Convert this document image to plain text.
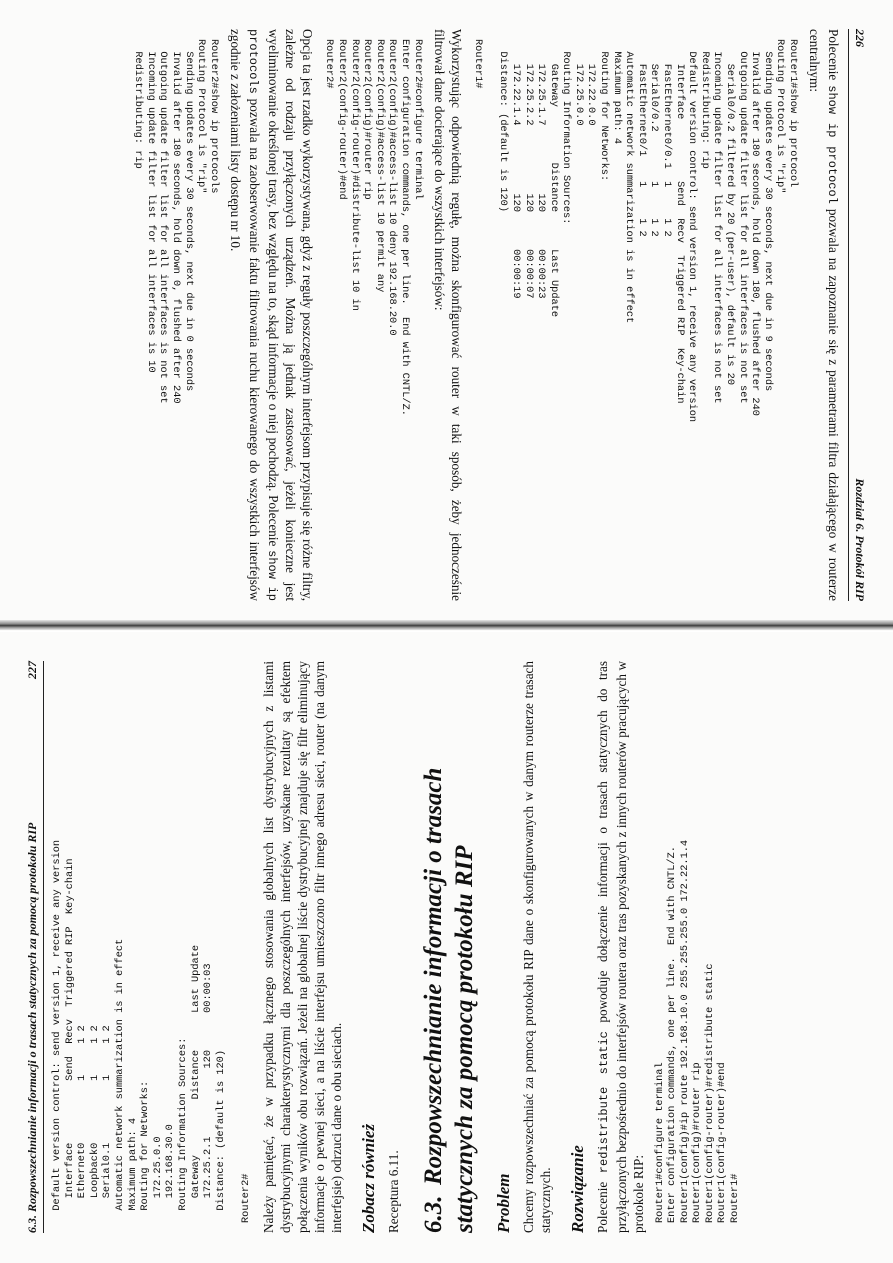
226
Rozdział 6. Protokół RIP

Polecenie show ip protocol pozwala na zapoznanie się z parametrami filtra działającego w routerze centralnym:

Router1#show ip protocol
Routing Protocol is "rip"
Sending updates every 30 seconds, next due in 9 seconds
Invalid after 180 seconds, hold down 180, flushed after 240
Outgoing update filter list for all interfaces is not set
Serial0/0.2 filtered by 20 (per-user), default is 20
Incoming update filter list for all interfaces is not set
Redistributing: rip
Default version control: send version 1, receive any version
Interface          Send  Recv  Triggered RIP  Key-chain
FastEthernet0/0.1  1     1 2
Serial0/0.2        1     1 2
FastEthernet0/1    1     1 2
Automatic network summarization is in effect
Maximum path: 4
Routing for Networks:
172.22.0.0
172.25.0.0
Routing Information Sources:
Gateway         Distance      Last Update
172.25.1.7           120      00:00:23
172.25.2.2           120      00:00:07
172.22.1.4           120      00:00:19
Distance: (default is 120)

Router1#

Wykorzystując odpowiednią regułę, można skonfigurować router w taki sposób, żeby jednocześnie filtrował dane docierające do wszystkich interfejsów:

Router2#configure terminal
Enter configuration commands, one per line.  End with CNTL/Z.
Router2(config)#access-list 10 deny 192.168.20.0
Router2(config)#access-list 10 permit any
Router2(config)#router rip
Router2(config-router)#distribute-list 10 in
Router2(config-router)#end
Router2#

Opcja ta jest rzadko wykorzystywana, gdyż z reguły poszczególnym interfejsom przypisuje się różne filtry, zależne od rodzaju przyłączonych urządzeń. Można ją jednak zastosować, jeżeli konieczne jest wyeliminowanie określonej trasy, bez względu na to, skąd informacje o niej pochodzą. Polecenie show ip protocols pozwala na zaobserwowanie faktu filtrowania ruchu kierowanego do wszystkich interfejsów zgodnie z założeniami listy dostępu nr 10.

Router2#show ip protocols
Routing Protocol is "rip"
Sending updates every 30 seconds, next due in 0 seconds
Invalid after 180 seconds, hold down 0, flushed after 240
Outgoing update filter list for all interfaces is not set
Incoming update filter list for all interfaces is 10
Redistributing: rip
6.3. Rozpowszechnianie informacji o trasach statycznych za pomocą protokołu RIP
227
Default version control: send version 1, receive any version
Interface          Send  Recv  Triggered RIP  Key-chain
Ethernet0          1     1 2
Loopback0          1     1 2
Serial0.1          1     1 2
Automatic network summarization is in effect
Maximum path: 4
Routing for Networks:
172.25.0.0
192.168.30.0
Routing Information Sources:
Gateway         Distance      Last Update
172.25.2.1           120      00:00:03
Distance: (default is 120)

Router2# Należy pamiętać, że w przypadku łącznego stosowania globalnych list dystrybucyjnych z listami dystrybucyjnymi charakterystycznymi dla poszczególnych interfejsów, uzyskane rezultaty są efektem połączenia wyników obu rozwiązań. Jeżeli na globalnej liście dystrybucyjnej znajduje się filtr eliminujący informacje o pewnej sieci, a na liście interfejsu umieszczono filtr innego adresu sieci, router (na danym interfejsie) odrzuci dane o obu sieciach. Zobacz również Receptura 6.11. 6.3.Rozpowszechnianie informacji o trasach statycznych za pomocą protokołu RIP Problem Chcemy rozpowszechniać za pomocą protokołu RIP dane o skonfigurowanych w danym routerze trasach statycznych. Rozwiązanie Polecenie redistribute static powoduje dołączenie informacji o trasach statycznych do tras przyłączonych bezpośrednio do interfejsów routera oraz tras pozyskanych z innych routerów pracujących w protokole RIP: Router1#configure terminal
Enter configuration commands, one per line.  End with CNTL/Z.
Router1(config)#ip route 192.168.10.0 255.255.255.0 172.22.1.4
Router1(config)#router rip
Router1(config-router)#redistribute static
Router1(config-router)#end
Router1#
